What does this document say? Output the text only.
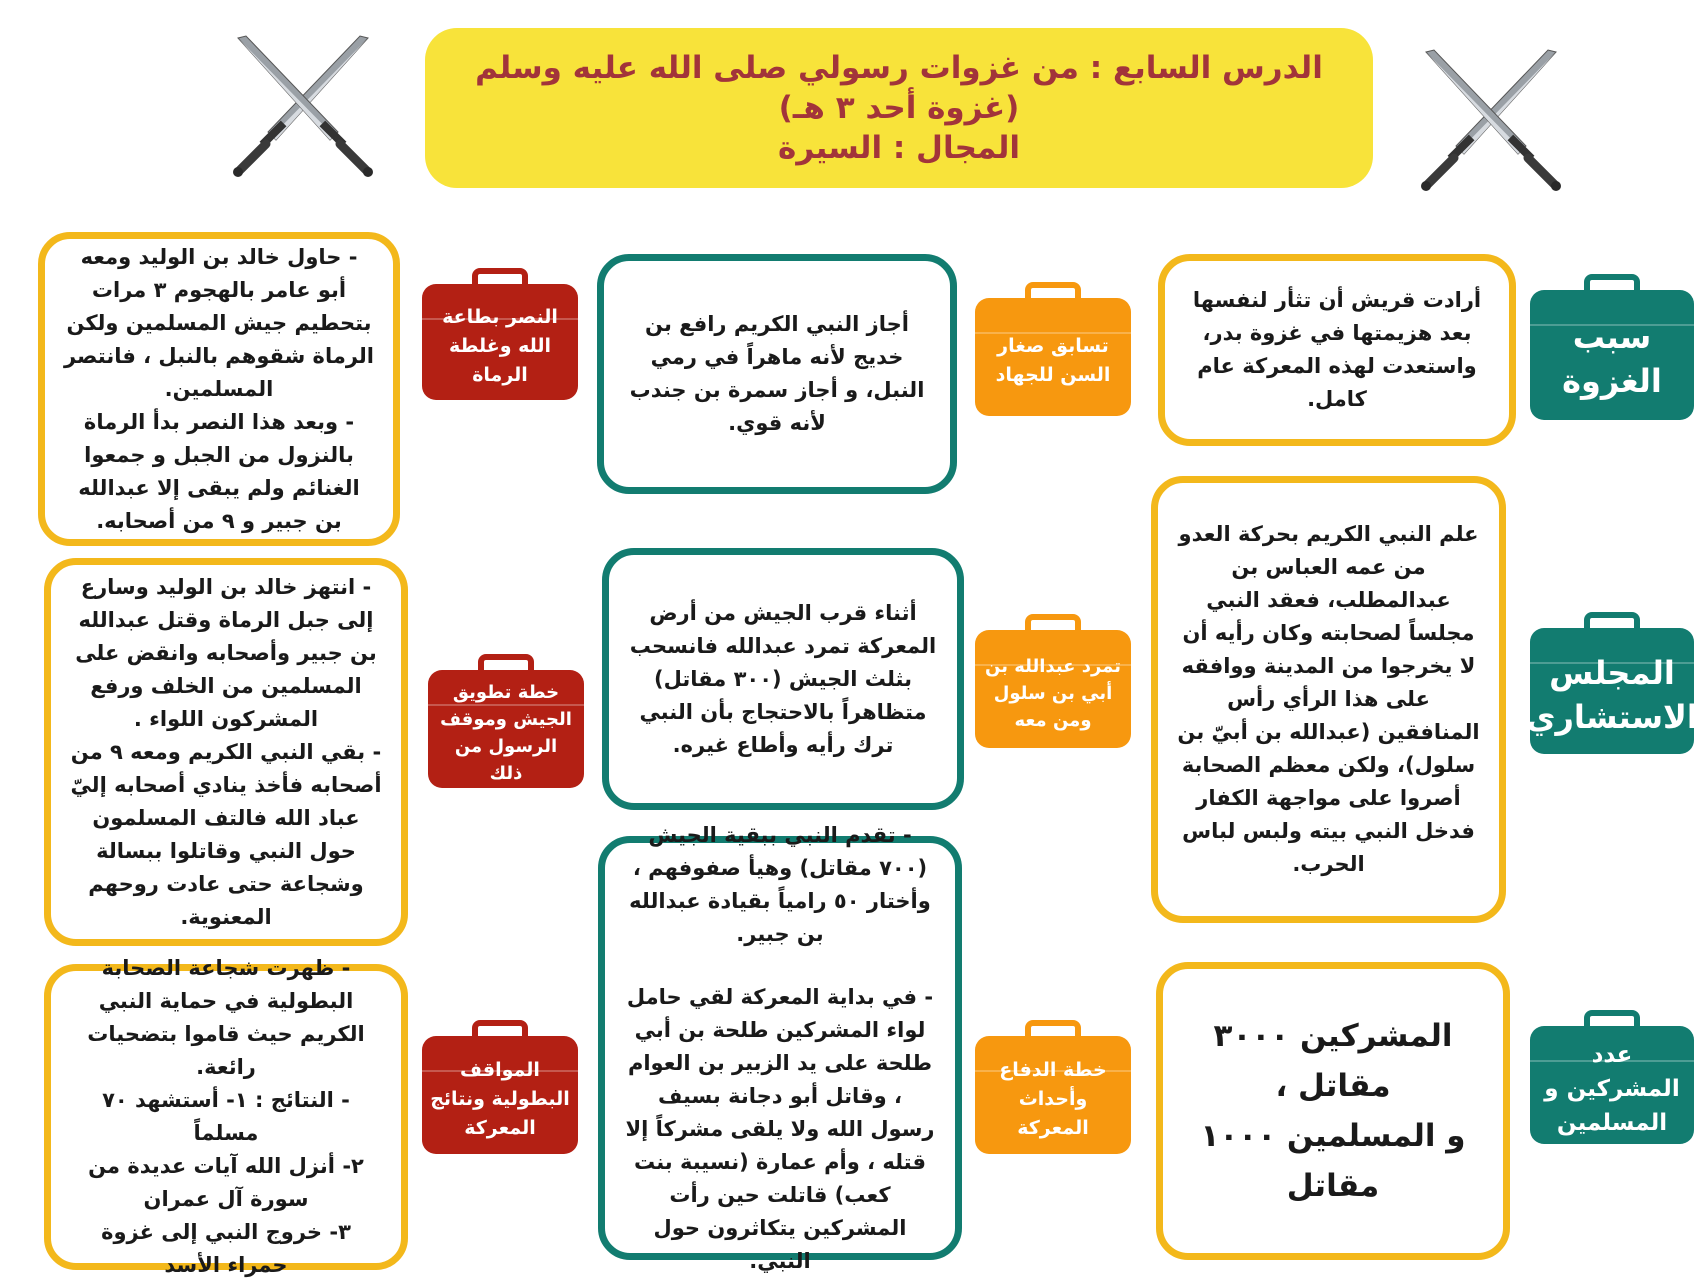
الدرس السابع : من غزوات رسولي صلى الله عليه وسلم (غزوة أحد ٣ هـ)
المجال : السيرة
سبب الغزوة

أرادت قريش أن تثأر لنفسها بعد هزيمتها في غزوة بدر، واستعدت لهذه المعركة عام كامل.

المجلس الاستشاري

علم النبي الكريم بحركة العدو من عمه العباس بن عبدالمطلب، فعقد النبي مجلساً لصحابته وكان رأيه أن لا يخرجوا من المدينة ووافقه على هذا الرأي رأس المنافقين (عبدالله بن أبيّ بن سلول)، ولكن معظم الصحابة أصروا على مواجهة الكفار فدخل النبي بيته ولبس لباس الحرب.

عدد المشركين و المسلمين

المشركين ٣٠٠٠ مقاتل ،

و المسلمين ١٠٠٠ مقاتل

تسابق صغار السن للجهاد

أجاز النبي الكريم رافع بن خديج لأنه ماهراً في رمي النبل، و أجاز سمرة بن جندب لأنه قوي.

تمرد عبدالله بن أبي بن سلول ومن معه

أثناء قرب الجيش من أرض المعركة تمرد عبدالله فانسحب بثلث الجيش (٣٠٠ مقاتل) متظاهراً بالاحتجاج بأن النبي ترك رأيه وأطاع غيره.

خطة الدفاع وأحداث المعركة

- تقدم النبي ببقية الجيش (٧٠٠ مقاتل) وهيأ صفوفهم ، وأختار ٥٠ رامياً بقيادة عبدالله بن جبير.

- في بداية المعركة لقي حامل لواء المشركين طلحة بن أبي طلحة على يد الزبير بن العوام ، وقاتل أبو دجانة بسيف رسول الله ولا يلقى مشركاً إلا قتله ، وأم عمارة (نسيبة بنت كعب) قاتلت حين رأت المشركين يتكاثرون حول النبي.

النصر بطاعة الله وغلطة الرماة

- حاول خالد بن الوليد ومعه أبو عامر بالهجوم ٣ مرات بتحطيم جيش المسلمين ولكن الرماة شقوهم بالنبل ، فانتصر المسلمين.

- وبعد هذا النصر بدأ الرماة بالنزول من الجبل و جمعوا الغنائم ولم يبقى إلا عبدالله بن جبير و ٩ من أصحابه.

خطة تطويق الجيش وموقف الرسول من ذلك

- انتهز خالد بن الوليد وسارع إلى جبل الرماة وقتل عبدالله بن جبير وأصحابه وانقض على المسلمين من الخلف ورفع المشركون اللواء .

- بقي النبي الكريم ومعه ٩ من أصحابه فأخذ ينادي أصحابه إليّ عباد الله فالتف المسلمون حول النبي وقاتلوا ببسالة وشجاعة حتى عادت روحهم المعنوية.

المواقف البطولية ونتائج المعركة

- ظهرت شجاعة الصحابة البطولية في حماية النبي الكريم حيث قاموا بتضحيات رائعة.

- النتائج : ١- أستشهد ٧٠ مسلماً

٢- أنزل الله آيات عديدة من سورة آل عمران

٣- خروج النبي إلى غزوة حمراء الأسد
